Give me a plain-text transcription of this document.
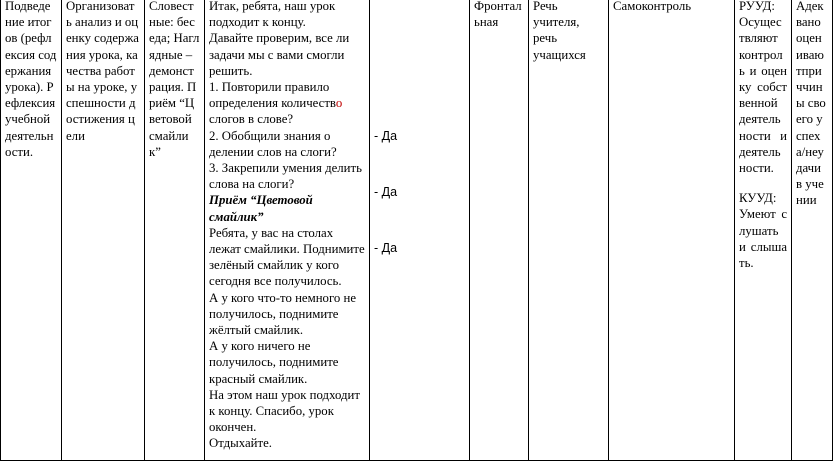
Подведение итогов (рефлексия содержания урока). Рефлексия учебной деятельности.

Организовать анализ и оценку содержания урока, качества работы на уроке, успешности достижения цели

Словестные: беседа; Наглядные – демонстрация. Приём “Цветовой смайлик”

Итак, ребята, наш урок подходит к концу.
Давайте проверим, все ли задачи мы с вами смогли решить.
1. Повторили правило определения количество слогов в слове?
2. Обобщили знания о делении слов на слоги?
3. Закрепили умения делить слова на слоги?
Приём “Цветовой смайлик”
Ребята, у вас на столах лежат смайлики. Поднимите зелёный смайлик у кого сегодня все получилось.
А у кого что-то немного не получилось, поднимите жёлтый смайлик.
А у кого ничего не получилось, поднимите красный смайлик.
На этом наш урок подходит к концу. Спасибо, урок окончен.
Отдыхайте.

- Да
- Да
- Да

Фронтальная

Речь учителя, речь учащихся

Самоконтроль	РУУД: Осуществляют контроль и оценку собственной деятельности и деятельности.
КУУД: Умеют слушать и слышать.

Адеквано оцениваютприччины своего успеха/неудачи в учении
